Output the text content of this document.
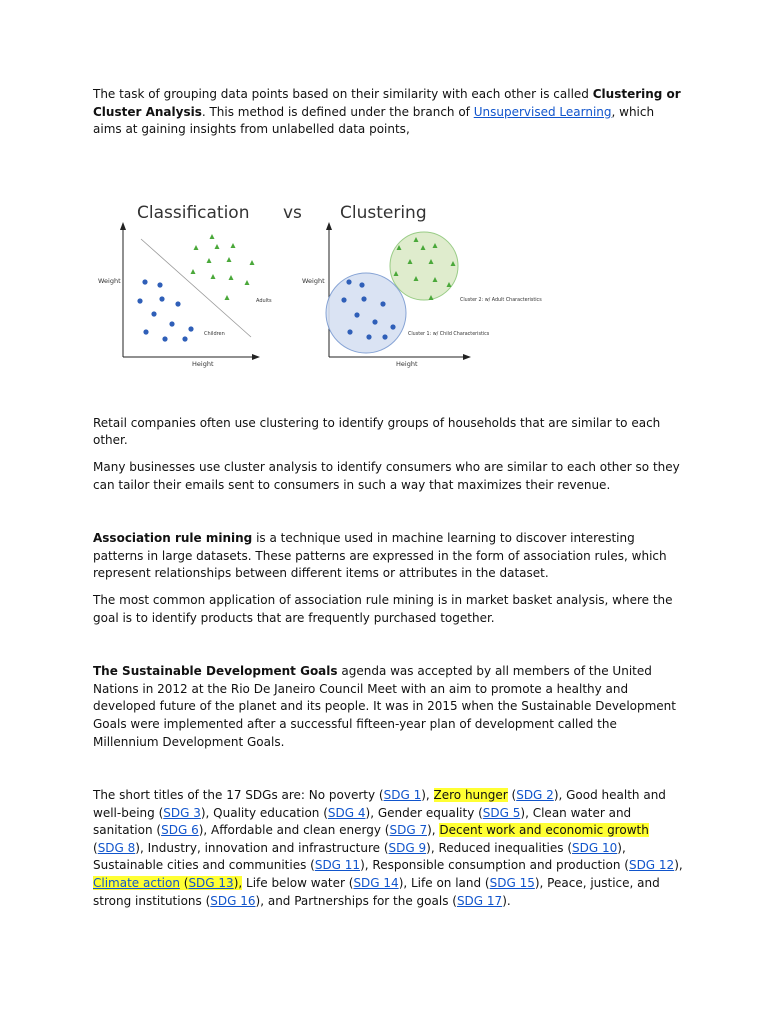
The task of grouping data points based on their similarity with each other is called Clustering or Cluster Analysis. This method is defined under the branch of Unsupervised Learning, which aims at gaining insights from unlabelled data points,

Classification vs Clustering
Weight
Height
Adults
Children
Weight
Height
Cluster 2: w/ Adult Characteristics
Cluster 1: w/ Child Characteristics

Retail companies often use clustering to identify groups of households that are similar to each other.

Many businesses use cluster analysis to identify consumers who are similar to each other so they can tailor their emails sent to consumers in such a way that maximizes their revenue.

Association rule mining is a technique used in machine learning to discover interesting patterns in large datasets. These patterns are expressed in the form of association rules, which represent relationships between different items or attributes in the dataset.

The most common application of association rule mining is in market basket analysis, where the goal is to identify products that are frequently purchased together.

The Sustainable Development Goals agenda was accepted by all members of the United Nations in 2012 at the Rio De Janeiro Council Meet with an aim to promote a healthy and developed future of the planet and its people. It was in 2015 when the Sustainable Development Goals were implemented after a successful fifteen-year plan of development called the Millennium Development Goals.

The short titles of the 17 SDGs are: No poverty (SDG 1), Zero hunger (SDG 2), Good health and well-being (SDG 3), Quality education (SDG 4), Gender equality (SDG 5), Clean water and sanitation (SDG 6), Affordable and clean energy (SDG 7), Decent work and economic growth (SDG 8), Industry, innovation and infrastructure (SDG 9), Reduced inequalities (SDG 10), Sustainable cities and communities (SDG 11), Responsible consumption and production (SDG 12), Climate action (SDG 13), Life below water (SDG 14), Life on land (SDG 15), Peace, justice, and strong institutions (SDG 16), and Partnerships for the goals (SDG 17).
